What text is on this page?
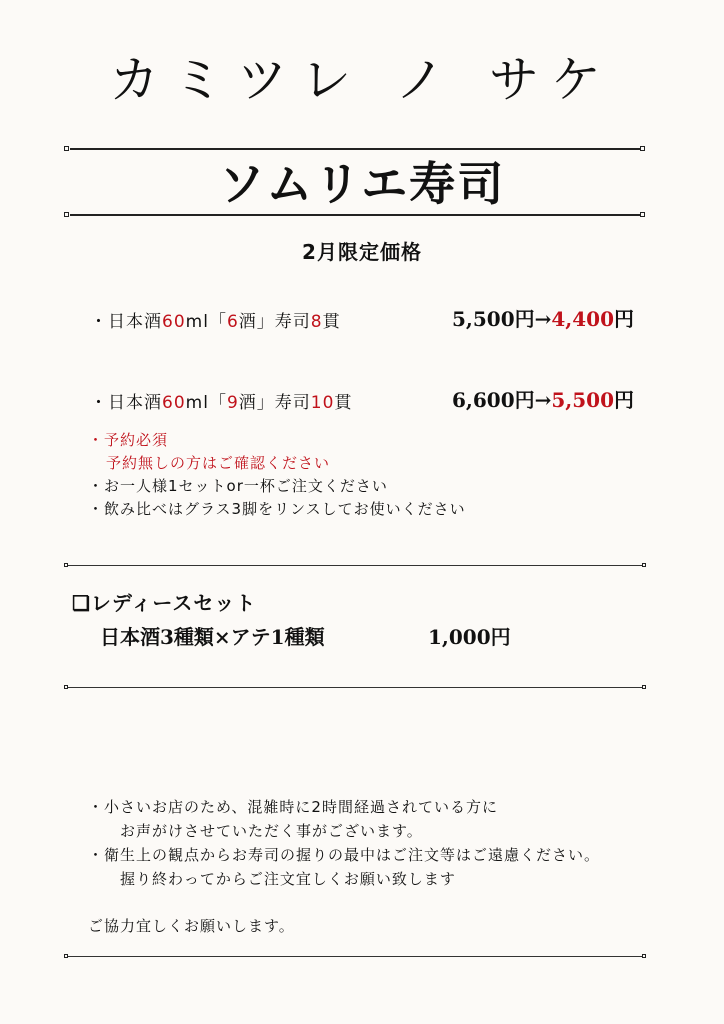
カミツレ ノ サケ
ソムリエ寿司
2月限定価格
・日本酒60ml「6酒」寿司8貫	5,500円→4,400円
・日本酒60ml「9酒」寿司10貫	6,600円→5,500円
・予約必須
予約無しの方はご確認ください
・お一人様1セットor一杯ご注文ください
・飲み比べはグラス3脚をリンスしてお使いください
❏レディースセット
日本酒3種類×アテ1種類	1,000円
・小さいお店のため、混雑時に2時間経過されている方に
お声がけさせていただく事がございます。
・衛生上の観点からお寿司の握りの最中はご注文等はご遠慮ください。
握り終わってからご注文宜しくお願い致します
ご協力宜しくお願いします。
